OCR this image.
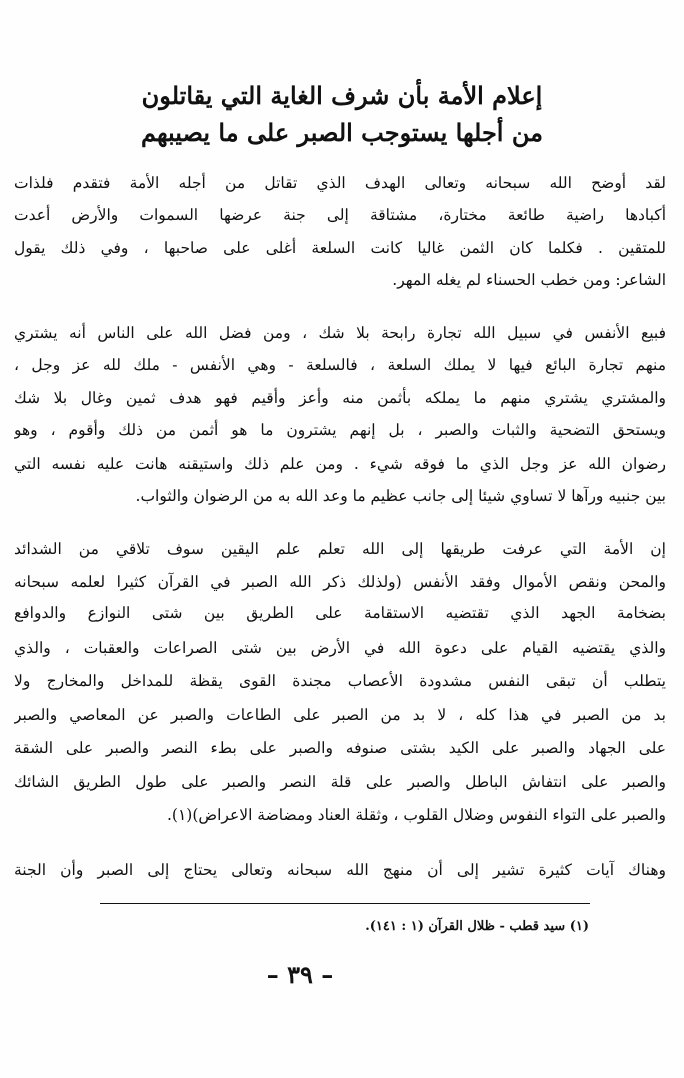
إعلام الأمة بأن شرف الغاية التي يقاتلون
من أجلها يستوجب الصبر على ما يصيبهم
لقد أوضح الله سبحانه وتعالى الهدف الذي تقاتل من أجله الأمة فتقدم فلذات
أكبادها راضية طائعة مختارة، مشتاقة إلى جنة عرضها السموات والأرض أعدت
للمتقين . فكلما كان الثمن غاليا كانت السلعة أغلى على صاحبها ، وفي ذلك يقول
الشاعر: ومن خطب الحسناء لم يغله المهر.
فبيع الأنفس في سبيل الله تجارة رابحة بلا شك ، ومن فضل الله على الناس أنه يشتري
منهم تجارة البائع فيها لا يملك السلعة ، فالسلعة - وهي الأنفس - ملك لله عز وجل ،
والمشتري يشتري منهم ما يملكه بأثمن منه وأعز وأقيم فهو هدف ثمين وغال بلا شك
ويستحق التضحية والثبات والصبر ، بل إنهم يشترون ما هو أثمن من ذلك وأقوم ، وهو
رضوان الله عز وجل الذي ما فوقه شيء . ومن علم ذلك واستيقنه هانت عليه نفسه التي
بين جنبيه ورآها لا تساوي شيئا إلى جانب عظيم ما وعد الله به من الرضوان والثواب.
إن الأمة التي عرفت طريقها إلى الله تعلم علم اليقين سوف تلاقي من الشدائد
والمحن ونقص الأموال وفقد الأنفس (ولذلك ذكر الله الصبر في القرآن كثيرا لعلمه سبحانه
بضخامة الجهد الذي تقتضيه الاستقامة على الطريق بين شتى النوازع والدوافع
والذي يقتضيه القيام على دعوة الله في الأرض بين شتى الصراعات والعقبات ، والذي
يتطلب أن تبقى النفس مشدودة الأعصاب مجندة القوى يقظة للمداخل والمخارج ولا
بد من الصبر في هذا كله ، لا بد من الصبر على الطاعات والصبر عن المعاصي والصبر
على الجهاد والصبر على الكيد بشتى صنوفه والصبر على بطء النصر والصبر على الشقة
والصبر على انتفاش الباطل والصبر على قلة النصر والصبر على طول الطريق الشائك
والصبر على التواء النفوس وضلال القلوب ، وثقلة العناد ومضاضة الاعراض)(١).
وهناك آيات كثيرة تشير إلى أن منهج الله سبحانه وتعالى يحتاج إلى الصبر وأن الجنة
(١) سيد قطب - ظلال القرآن (١ : ١٤١).
– ٣٩ –
